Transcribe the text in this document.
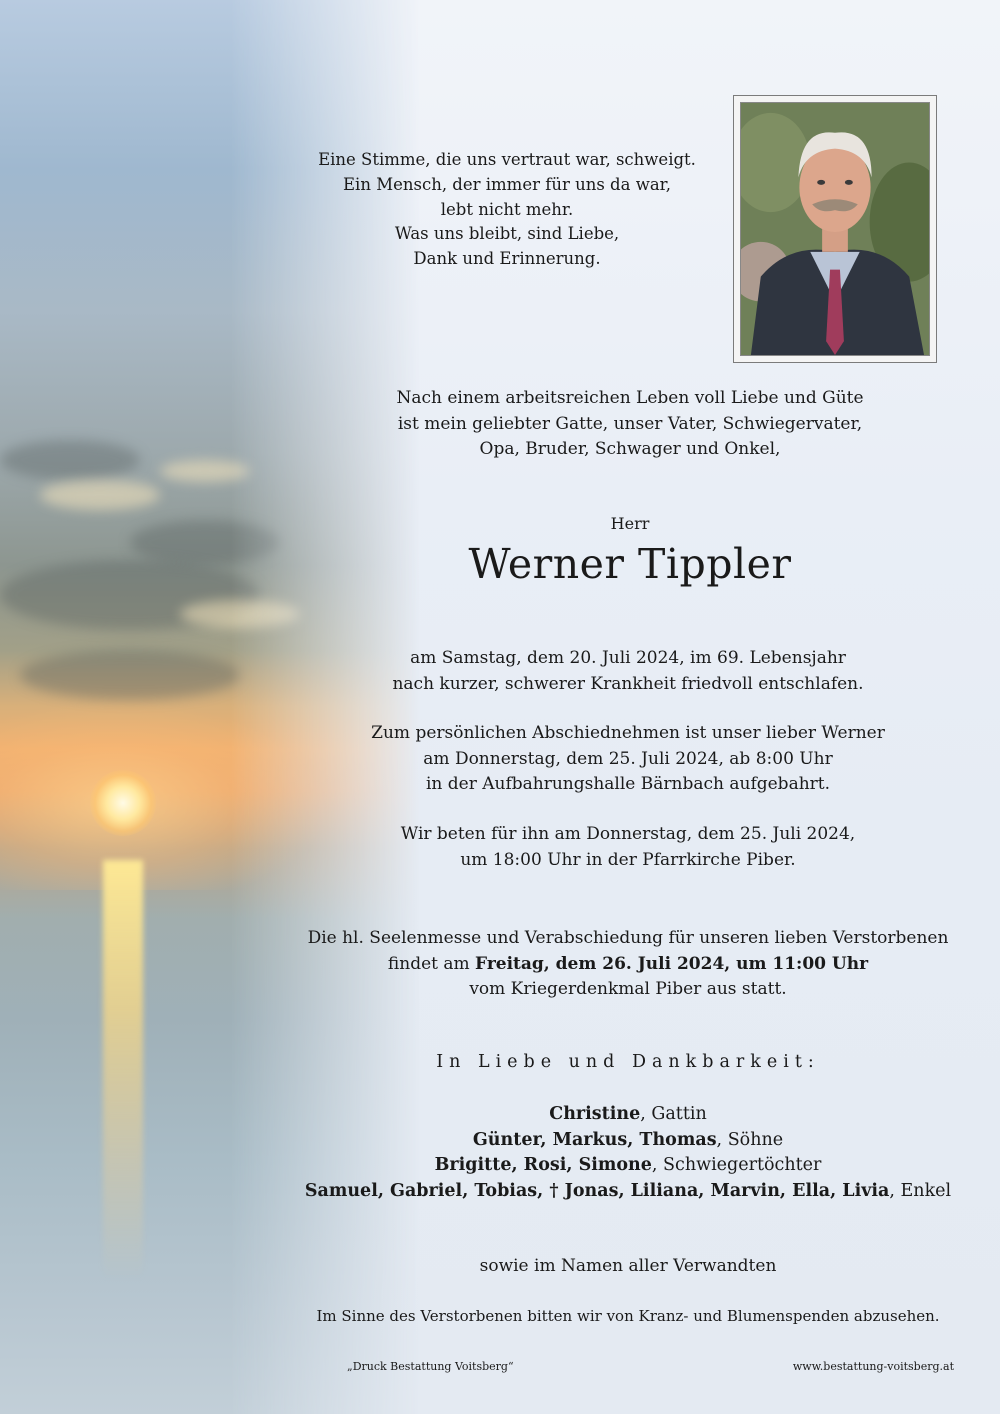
Eine Stimme, die uns vertraut war, schweigt.
Ein Mensch, der immer für uns da war,
lebt nicht mehr.
Was uns bleibt, sind Liebe,
Dank und Erinnerung.
Nach einem arbeitsreichen Leben voll Liebe und Güte
ist mein geliebter Gatte, unser Vater, Schwiegervater,
Opa, Bruder, Schwager und Onkel,
Herr
Werner Tippler
am Samstag, dem 20. Juli 2024, im 69. Lebensjahr
nach kurzer, schwerer Krankheit friedvoll entschlafen.
Zum persönlichen Abschiednehmen ist unser lieber Werner
am Donnerstag, dem 25. Juli 2024, ab 8:00 Uhr
in der Aufbahrungshalle Bärnbach aufgebahrt.
Wir beten für ihn am Donnerstag, dem 25. Juli 2024,
um 18:00 Uhr in der Pfarrkirche Piber.
Die hl. Seelenmesse und Verabschiedung für unseren lieben Verstorbenen
findet am Freitag, dem 26. Juli 2024, um 11:00 Uhr
vom Kriegerdenkmal Piber aus statt.
In Liebe und Dankbarkeit:
Christine, Gattin
Günter, Markus, Thomas, Söhne
Brigitte, Rosi, Simone, Schwiegertöchter
Samuel, Gabriel, Tobias, † Jonas, Liliana, Marvin, Ella, Livia, Enkel
sowie im Namen aller Verwandten
Im Sinne des Verstorbenen bitten wir von Kranz- und Blumenspenden abzusehen.
„Druck Bestattung Voitsberg“	www.bestattung-voitsberg.at
